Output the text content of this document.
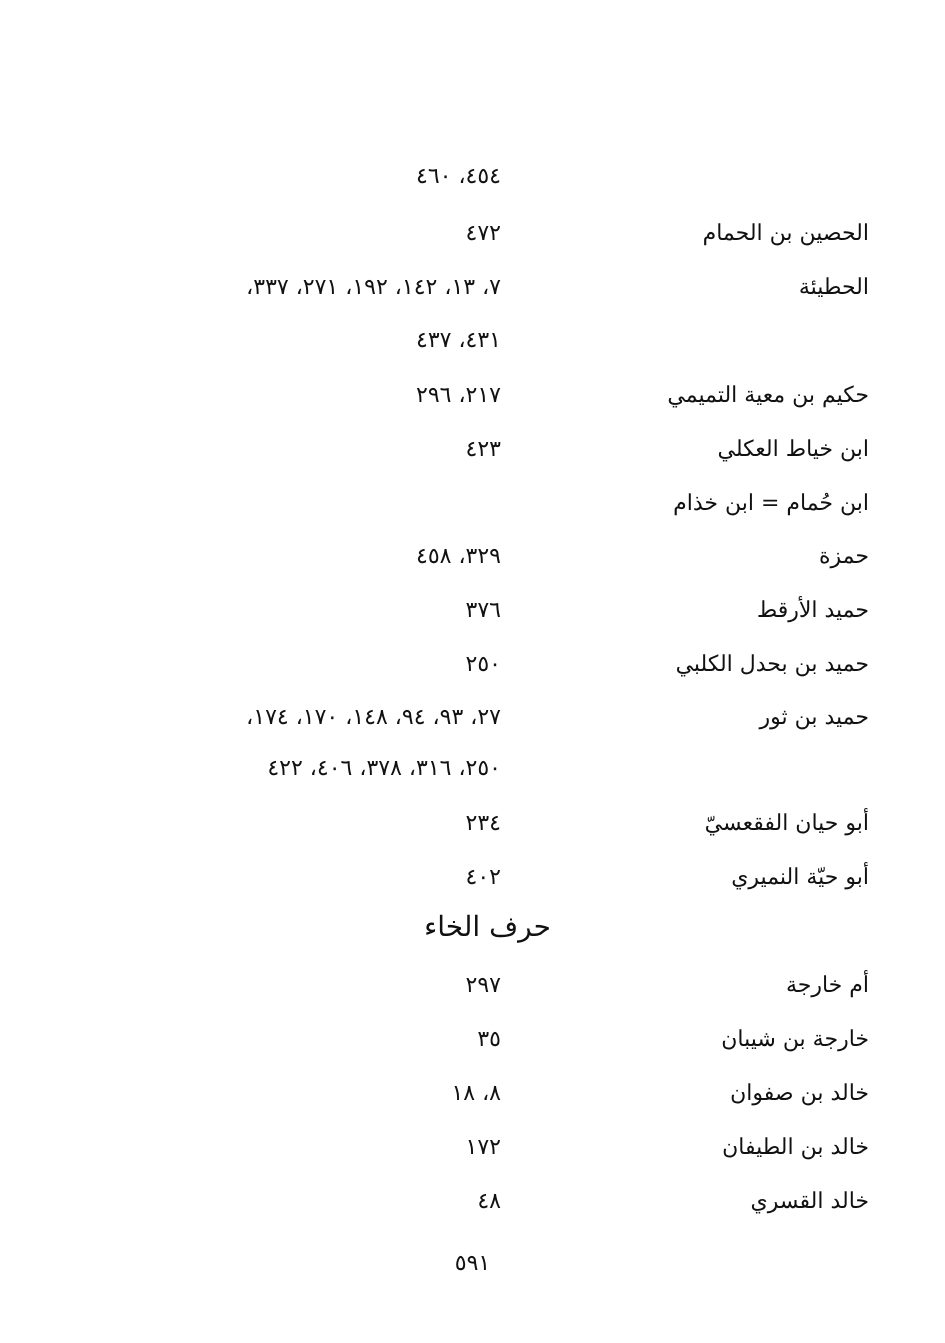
٤٥٤، ٤٦٠
الحصين بن الحمام
٤٧٢
الحطيئة
٧، ١٣، ١٤٢، ١٩٢، ٢٧١، ٣٣٧،
٤٣١، ٤٣٧
حكيم بن معية التميمي
٢١٧، ٢٩٦
ابن خياط العكلي
٤٢٣
ابن حُمام = ابن خذام
حمزة
٣٢٩، ٤٥٨
حميد الأرقط
٣٧٦
حميد بن بحدل الكلبي
٢٥٠
حميد بن ثور
٢٧، ٩٣، ٩٤، ١٤٨، ١٧٠، ١٧٤،
٢٥٠، ٣١٦، ٣٧٨، ٤٠٦، ٤٢٢
أبو حيان الفقعسيّ
٢٣٤
أبو حيّة النميري
٤٠٢
حرف الخاء
أم خارجة
٢٩٧
خارجة بن شيبان
٣٥
خالد بن صفوان
٨، ١٨
خالد بن الطيفان
١٧٢
خالد القسري
٤٨
٥٩١
